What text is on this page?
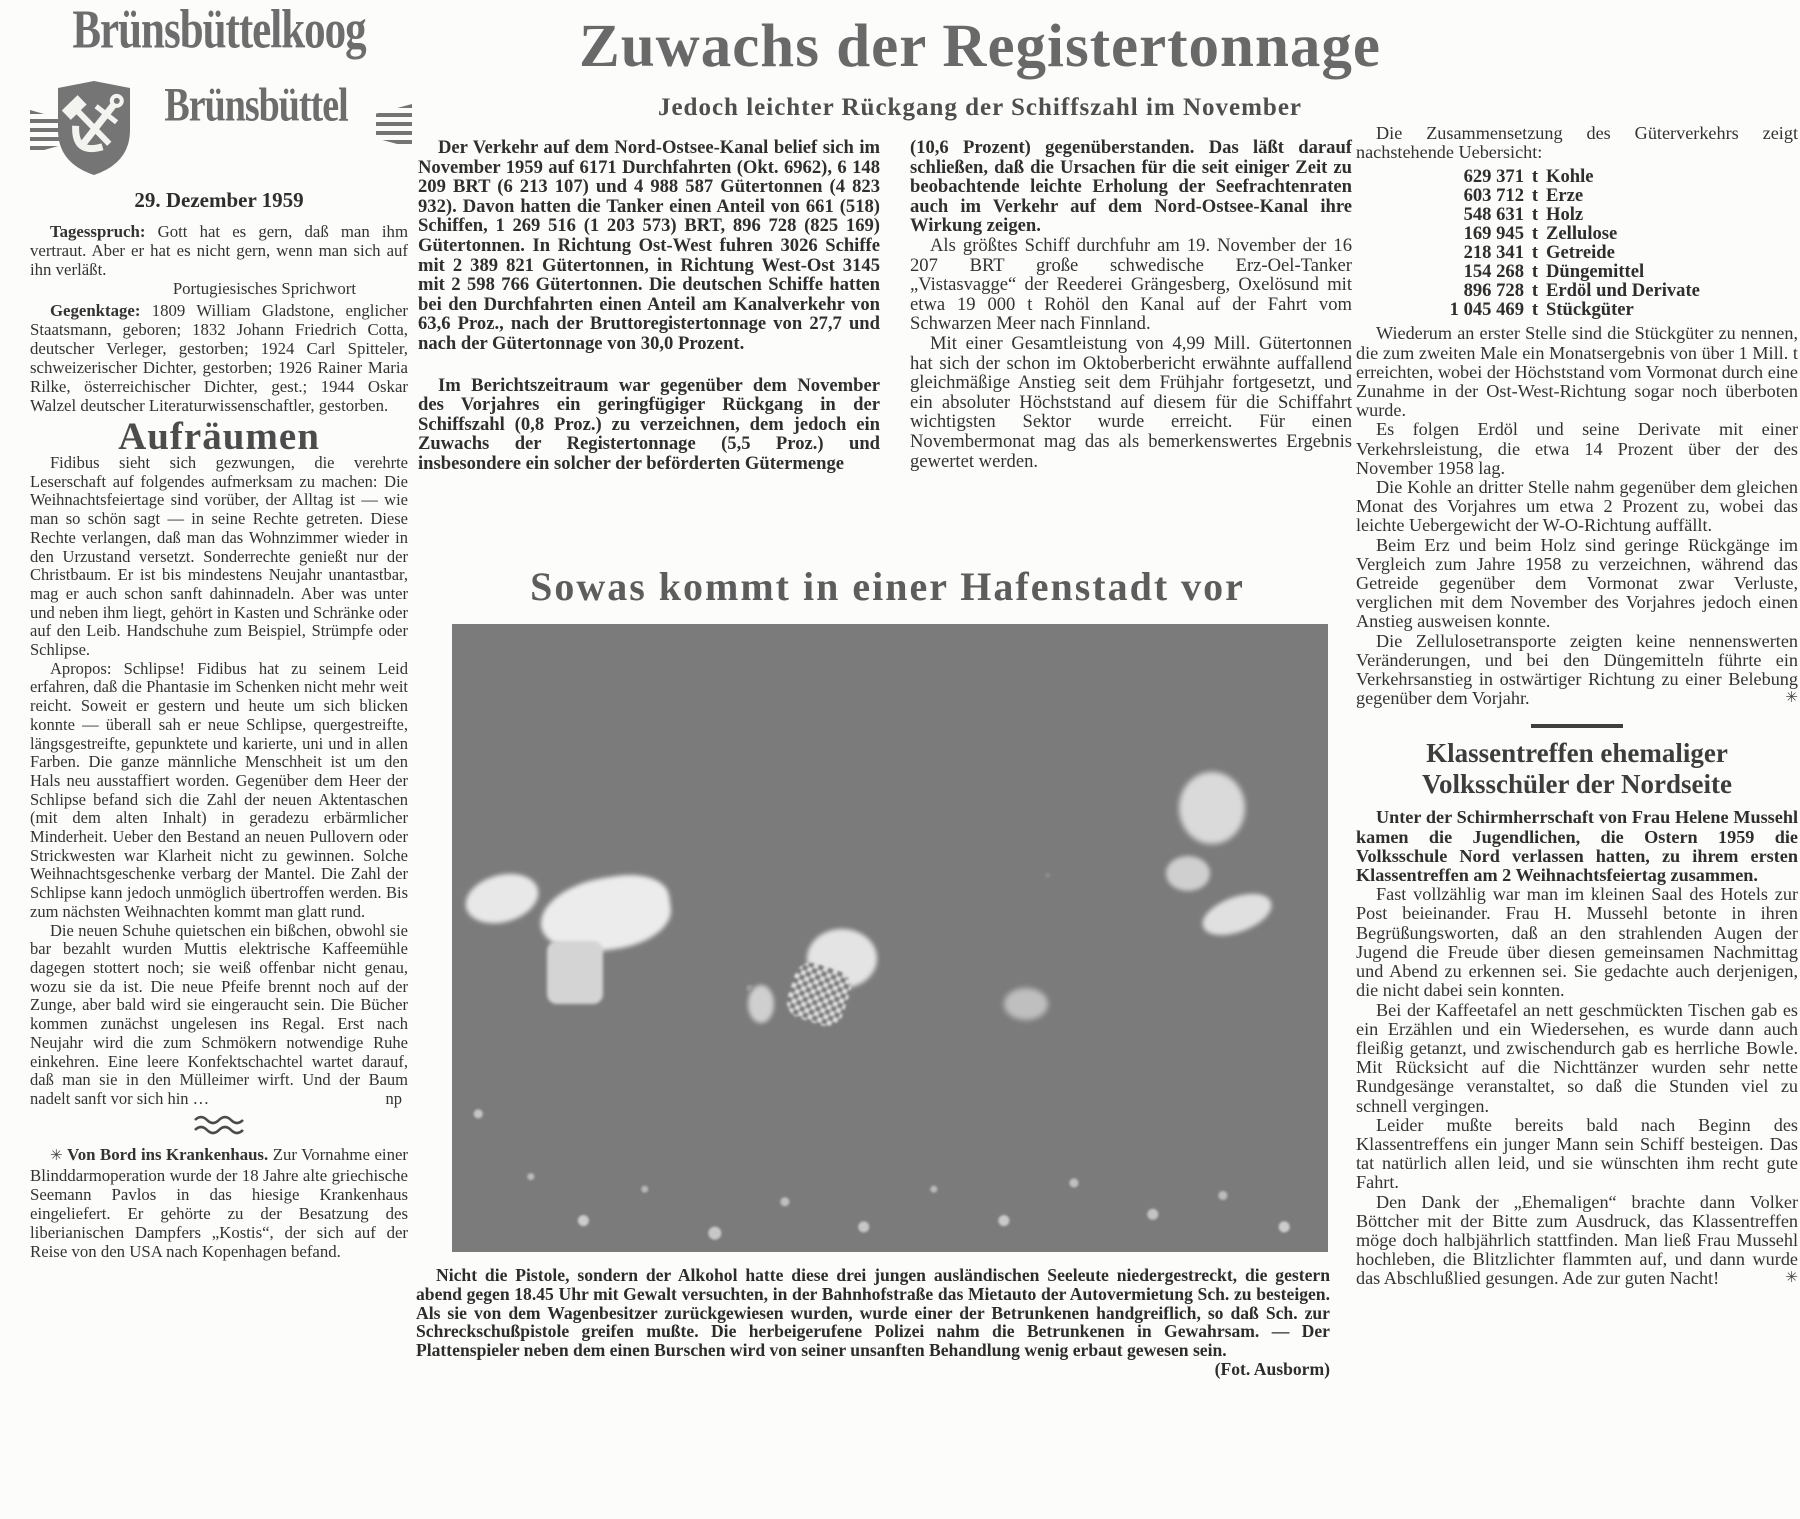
Brünsbüttelkoog
Brünsbüttel
29. Dezember 1959

Tagesspruch: Gott hat es gern, daß man ihm vertraut. Aber er hat es nicht gern, wenn man sich auf ihn verläßt.

Portugiesisches Sprichwort

Gegenktage: 1809 William Gladstone, englicher Staatsmann, geboren; 1832 Johann Friedrich Cotta, deutscher Verleger, gestorben; 1924 Carl Spitteler, schweizerischer Dichter, gestorben; 1926 Rainer Maria Rilke, österreichischer Dichter, gest.; 1944 Oskar Walzel deutscher Literaturwissenschaftler, gestorben.

Aufräumen

Fidibus sieht sich gezwungen, die verehrte Leserschaft auf folgendes aufmerksam zu machen: Die Weihnachtsfeiertage sind vorüber, der Alltag ist — wie man so schön sagt — in seine Rechte getreten. Diese Rechte verlangen, daß man das Wohnzimmer wieder in den Urzustand versetzt. Sonderrechte genießt nur der Christbaum. Er ist bis mindestens Neujahr unantastbar, mag er auch schon sanft dahinnadeln. Aber was unter und neben ihm liegt, gehört in Kasten und Schränke oder auf den Leib. Handschuhe zum Beispiel, Strümpfe oder Schlipse.

Apropos: Schlipse! Fidibus hat zu seinem Leid erfahren, daß die Phantasie im Schenken nicht mehr weit reicht. Soweit er gestern und heute um sich blicken konnte — überall sah er neue Schlipse, quergestreifte, längsgestreifte, gepunktete und karierte, uni und in allen Farben. Die ganze männliche Menschheit ist um den Hals neu ausstaffiert worden. Gegenüber dem Heer der Schlipse befand sich die Zahl der neuen Aktentaschen (mit dem alten Inhalt) in geradezu erbärmlicher Minderheit. Ueber den Bestand an neuen Pullovern oder Strickwesten war Klarheit nicht zu gewinnen. Solche Weihnachtsgeschenke verbarg der Mantel. Die Zahl der Schlipse kann jedoch unmöglich übertroffen werden. Bis zum nächsten Weihnachten kommt man glatt rund.

Die neuen Schuhe quietschen ein bißchen, obwohl sie bar bezahlt wurden Muttis elektrische Kaffeemühle dagegen stottert noch; sie weiß offenbar nicht genau, wozu sie da ist. Die neue Pfeife brennt noch auf der Zunge, aber bald wird sie eingeraucht sein. Die Bücher kommen zunächst ungelesen ins Regal. Erst nach Neujahr wird die zum Schmökern notwendige Ruhe einkehren. Eine leere Konfektschachtel wartet darauf, daß man sie in den Mülleimer wirft. Und der Baum nadelt sanft vor sich hin …	np

✳ Von Bord ins Krankenhaus. Zur Vornahme einer Blinddarmoperation wurde der 18 Jahre alte griechische Seemann Pavlos in das hiesige Krankenhaus eingeliefert. Er gehörte zu der Besatzung des liberianischen Dampfers „Kostis“, der sich auf der Reise von den USA nach Kopenhagen befand.

Zuwachs der Registertonnage
Jedoch leichter Rückgang der Schiffszahl im November

Der Verkehr auf dem Nord-Ostsee-Kanal belief sich im November 1959 auf 6171 Durchfahrten (Okt. 6962), 6 148 209 BRT (6 213 107) und 4 988 587 Gütertonnen (4 823 932). Davon hatten die Tanker einen Anteil von 661 (518) Schiffen, 1 269 516 (1 203 573) BRT, 896 728 (825 169) Gütertonnen. In Richtung Ost-West fuhren 3026 Schiffe mit 2 389 821 Gütertonnen, in Richtung West-Ost 3145 mit 2 598 766 Gütertonnen. Die deutschen Schiffe hatten bei den Durchfahrten einen Anteil am Kanalverkehr von 63,6 Proz., nach der Bruttoregistertonnage von 27,7 und nach der Gütertonnage von 30,0 Prozent.

Im Berichtszeitraum war gegenüber dem November des Vorjahres ein geringfügiger Rückgang in der Schiffszahl (0,8 Proz.) zu verzeichnen, dem jedoch ein Zuwachs der Registertonnage (5,5 Proz.) und insbesondere ein solcher der beförderten Gütermenge

(10,6 Prozent) gegenüberstanden. Das läßt darauf schließen, daß die Ursachen für die seit einiger Zeit zu beobachtende leichte Erholung der Seefrachtenraten auch im Verkehr auf dem Nord-Ostsee-Kanal ihre Wirkung zeigen.

Als größtes Schiff durchfuhr am 19. November der 16 207 BRT große schwedische Erz-Oel-Tanker „Vistasvagge“ der Reederei Grängesberg, Oxelösund mit etwa 19 000 t Rohöl den Kanal auf der Fahrt vom Schwarzen Meer nach Finnland.

Mit einer Gesamtleistung von 4,99 Mill. Gütertonnen hat sich der schon im Oktoberbericht erwähnte auffallend gleichmäßige Anstieg seit dem Frühjahr fortgesetzt, und ein absoluter Höchststand auf diesem für die Schiffahrt wichtigsten Sektor wurde erreicht. Für einen Novembermonat mag das als bemerkenswertes Ergebnis gewertet werden.

Sowas kommt in einer Hafenstadt vor

Nicht die Pistole, sondern der Alkohol hatte diese drei jungen ausländischen Seeleute niedergestreckt, die gestern abend gegen 18.45 Uhr mit Gewalt versuchten, in der Bahnhofstraße das Mietauto der Autovermietung Sch. zu besteigen. Als sie von dem Wagenbesitzer zurückgewiesen wurden, wurde einer der Betrunkenen handgreiflich, so daß Sch. zur Schreckschußpistole greifen mußte. Die herbeigerufene Polizei nahm die Betrunkenen in Gewahrsam. — Der Plattenspieler neben dem einen Burschen wird von seiner unsanften Behandlung wenig erbaut gewesen sein.
(Fot. Ausborm)

Die Zusammensetzung des Güterverkehrs zeigt nachstehende Uebersicht:

629 371 t Kohle
603 712 t Erze
548 631 t Holz
169 945 t Zellulose
218 341 t Getreide
154 268 t Düngemittel
896 728 t Erdöl und Derivate
1 045 469 t Stückgüter

Wiederum an erster Stelle sind die Stückgüter zu nennen, die zum zweiten Male ein Monatsergebnis von über 1 Mill. t erreichten, wobei der Höchststand vom Vormonat durch eine Zunahme in der Ost-West-Richtung sogar noch überboten wurde.

Es folgen Erdöl und seine Derivate mit einer Verkehrsleistung, die etwa 14 Prozent über der des November 1958 lag.

Die Kohle an dritter Stelle nahm gegenüber dem gleichen Monat des Vorjahres um etwa 2 Prozent zu, wobei das leichte Uebergewicht der W-O-Richtung auffällt.

Beim Erz und beim Holz sind geringe Rückgänge im Vergleich zum Jahre 1958 zu verzeichnen, während das Getreide gegenüber dem Vormonat zwar Verluste, verglichen mit dem November des Vorjahres jedoch einen Anstieg ausweisen konnte.

Die Zellulosetransporte zeigten keine nennenswerten Veränderungen, und bei den Düngemitteln führte ein Verkehrsanstieg in ostwärtiger Richtung zu einer Belebung gegenüber dem Vorjahr.	✳

Klassentreffen ehemaliger
Volksschüler der Nordseite

Unter der Schirmherrschaft von Frau Helene Mussehl kamen die Jugendlichen, die Ostern 1959 die Volksschule Nord verlassen hatten, zu ihrem ersten Klassentreffen am 2 Weihnachtsfeiertag zusammen.

Fast vollzählig war man im kleinen Saal des Hotels zur Post beieinander. Frau H. Mussehl betonte in ihren Begrüßungsworten, daß an den strahlenden Augen der Jugend die Freude über diesen gemeinsamen Nachmittag und Abend zu erkennen sei. Sie gedachte auch derjenigen, die nicht dabei sein konnten.

Bei der Kaffeetafel an nett geschmückten Tischen gab es ein Erzählen und ein Wiedersehen, es wurde dann auch fleißig getanzt, und zwischendurch gab es herrliche Bowle. Mit Rücksicht auf die Nichttänzer wurden sehr nette Rundgesänge veranstaltet, so daß die Stunden viel zu schnell vergingen.

Leider mußte bereits bald nach Beginn des Klassentreffens ein junger Mann sein Schiff besteigen. Das tat natürlich allen leid, und sie wünschten ihm recht gute Fahrt.

Den Dank der „Ehemaligen“ brachte dann Volker Böttcher mit der Bitte zum Ausdruck, das Klassentreffen möge doch halbjährlich stattfinden. Man ließ Frau Mussehl hochleben, die Blitzlichter flammten auf, und dann wurde das Abschlußlied gesungen. Ade zur guten Nacht!	✳
